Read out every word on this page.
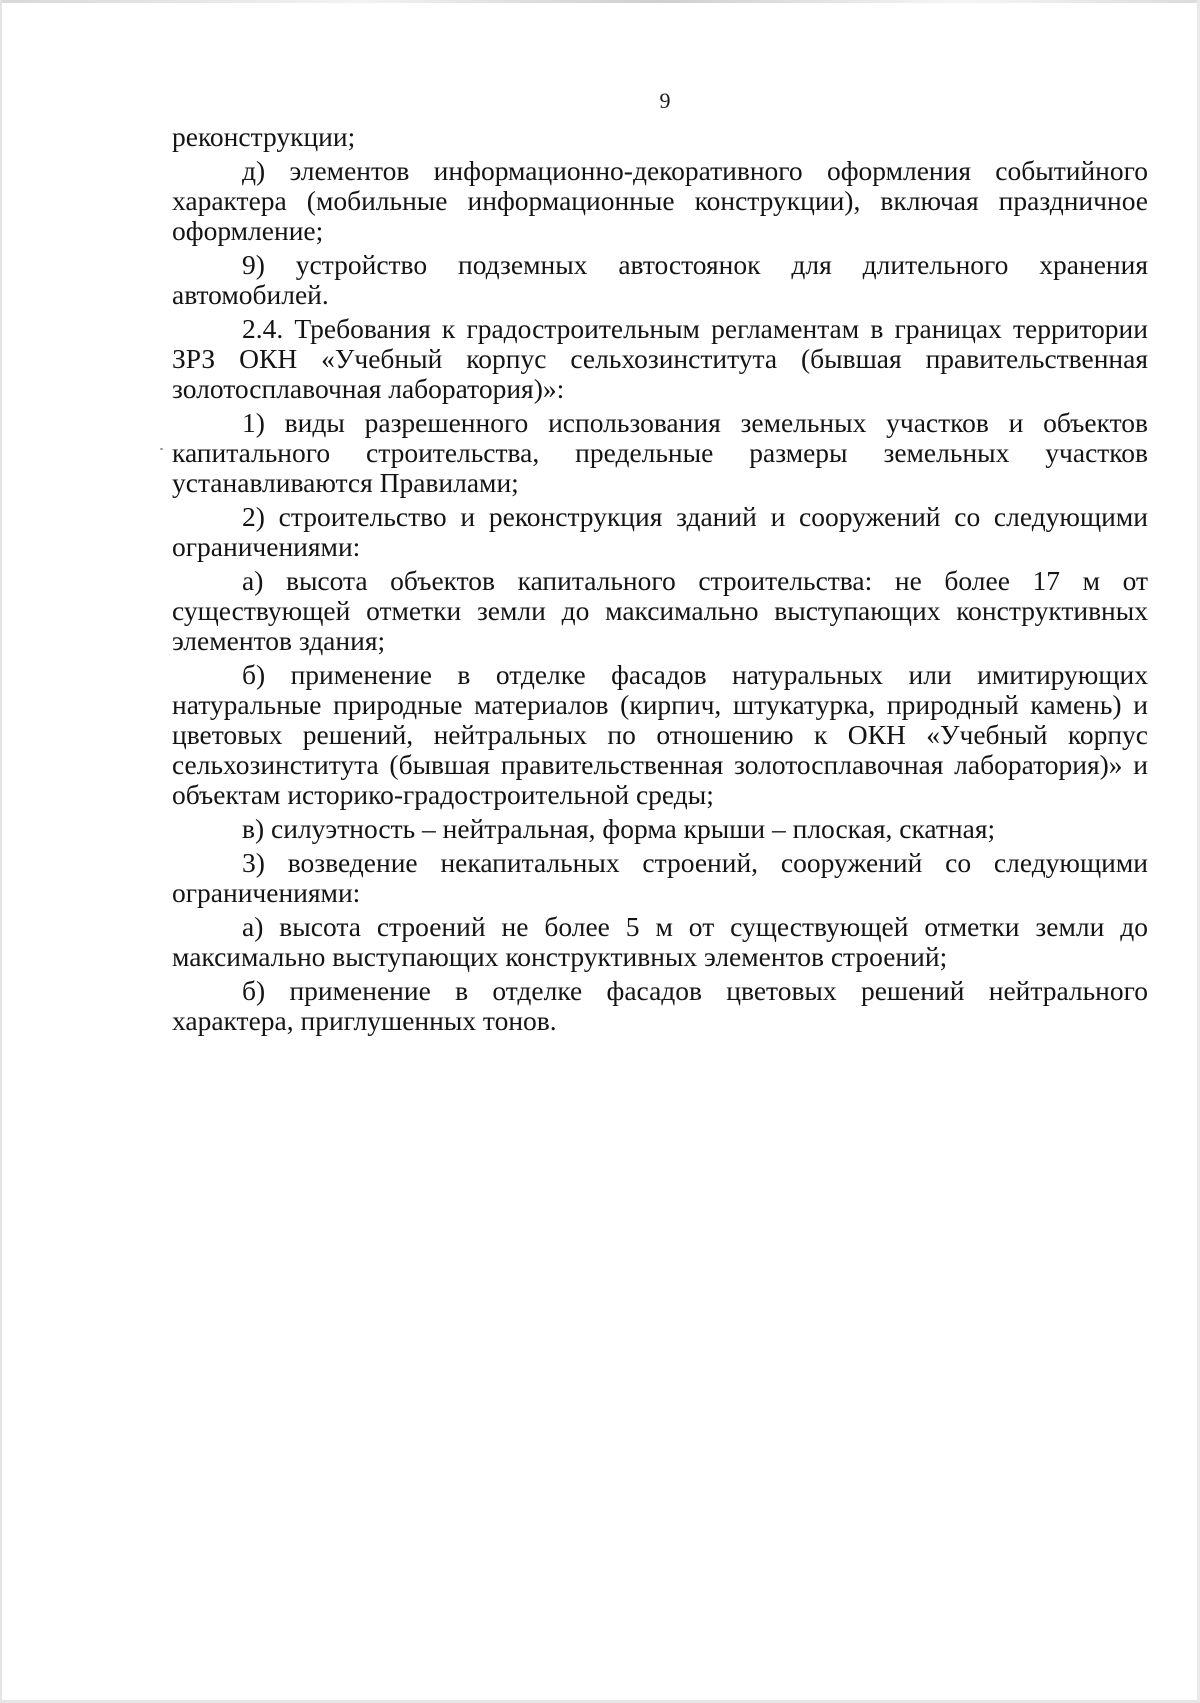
9

реконструкции;

д) элементов информационно-декоративного оформления событийного характера (мобильные информационные конструкции), включая праздничное оформление;

9) устройство подземных автостоянок для длительного хранения автомобилей.

2.4. Требования к градостроительным регламентам в границах территории ЗРЗ ОКН «Учебный корпус сельхозинститута (бывшая правительственная золотосплавочная лаборатория)»:

1) виды разрешенного использования земельных участков и объектов капитального строительства, предельные размеры земельных участков устанавливаются Правилами;

2) строительство и реконструкция зданий и сооружений со следующими ограничениями:

а) высота объектов капитального строительства: не более 17 м от существующей отметки земли до максимально выступающих конструктивных элементов здания;

б) применение в отделке фасадов натуральных или имитирующих натуральные природные материалов (кирпич, штукатурка, природный камень) и цветовых решений, нейтральных по отношению к ОКН «Учебный корпус сельхозинститута (бывшая правительственная золотосплавочная лаборатория)» и объектам историко-градостроительной среды;

в) силуэтность – нейтральная, форма крыши – плоская, скатная;

3) возведение некапитальных строений, сооружений со следующими ограничениями:

а) высота строений не более 5 м от существующей отметки земли до максимально выступающих конструктивных элементов строений;

б) применение в отделке фасадов цветовых решений нейтрального характера, приглушенных тонов.
